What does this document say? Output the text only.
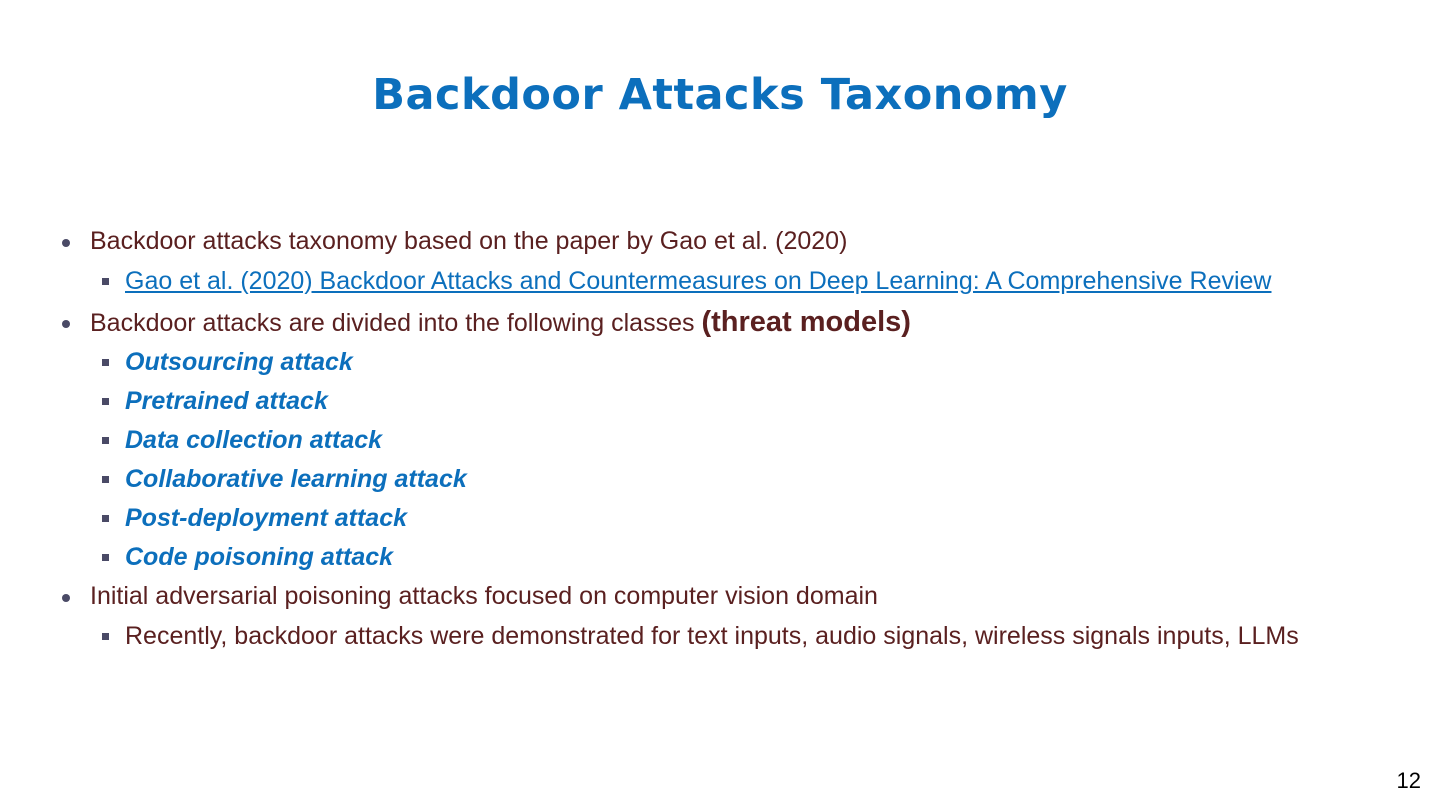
Backdoor Attacks Taxonomy
Backdoor attacks taxonomy based on the paper by Gao et al. (2020)
Gao et al. (2020) Backdoor Attacks and Countermeasures on Deep Learning: A Comprehensive Review
Backdoor attacks are divided into the following classes (threat models)
Outsourcing attack
Pretrained attack
Data collection attack
Collaborative learning attack
Post-deployment attack
Code poisoning attack
Initial adversarial poisoning attacks focused on computer vision domain
Recently, backdoor attacks were demonstrated for text inputs, audio signals, wireless signals inputs, LLMs
12
